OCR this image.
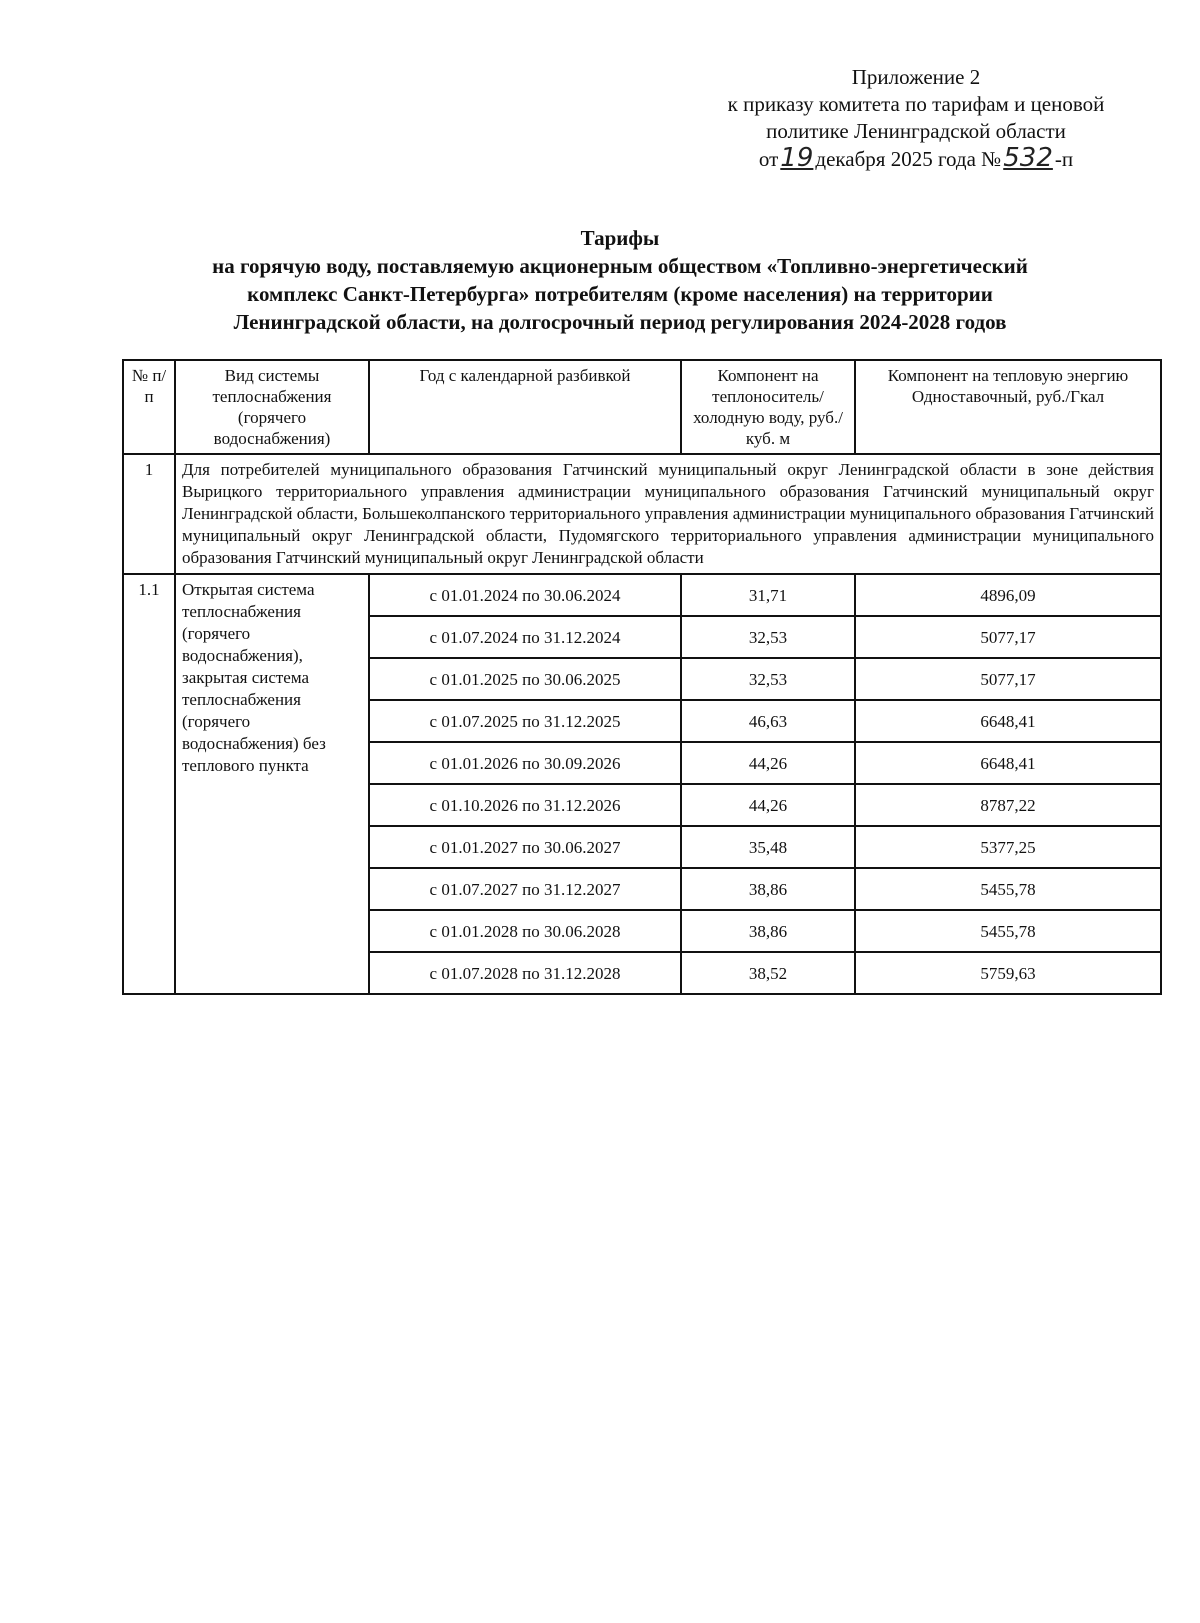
Приложение 2
к приказу комитета по тарифам и ценовой
политике Ленинградской области
от19декабря 2025 года №532-п
Тарифы
на горячую воду, поставляемую акционерным обществом «Топливно-энергетический
комплекс Санкт-Петербурга» потребителям (кроме населения) на территории
Ленинградской области, на долгосрочный период регулирования 2024-2028 годов
№ п/п	Вид системы теплоснабжения (горячего водоснабжения)	Год с календарной разбивкой	Компонент на теплоноситель/холодную воду, руб./куб. м	Компонент на тепловую энергию Одноставочный, руб./Гкал
1	Для потребителей муниципального образования Гатчинский муниципальный округ Ленинградской области в зоне действия Вырицкого территориального управления администрации муниципального образования Гатчинский муниципальный округ Ленинградской области, Большеколпанского территориального управления администрации муниципального образования Гатчинский муниципальный округ Ленинградской области, Пудомягского территориального управления администрации муниципального образования Гатчинский муниципальный округ Ленинградской области			
1.1	Открытая система теплоснабжения (горячего водоснабжения), закрытая система теплоснабжения (горячего водоснабжения) без теплового пункта	с 01.01.2024 по 30.06.2024	31,71	4896,09
		с 01.07.2024 по 31.12.2024	32,53	5077,17
		с 01.01.2025 по 30.06.2025	32,53	5077,17
		с 01.07.2025 по 31.12.2025	46,63	6648,41
		с 01.01.2026 по 30.09.2026	44,26	6648,41
		с 01.10.2026 по 31.12.2026	44,26	8787,22
		с 01.01.2027 по 30.06.2027	35,48	5377,25
		с 01.07.2027 по 31.12.2027	38,86	5455,78
		с 01.01.2028 по 30.06.2028	38,86	5455,78
		с 01.07.2028 по 31.12.2028	38,52	5759,63
